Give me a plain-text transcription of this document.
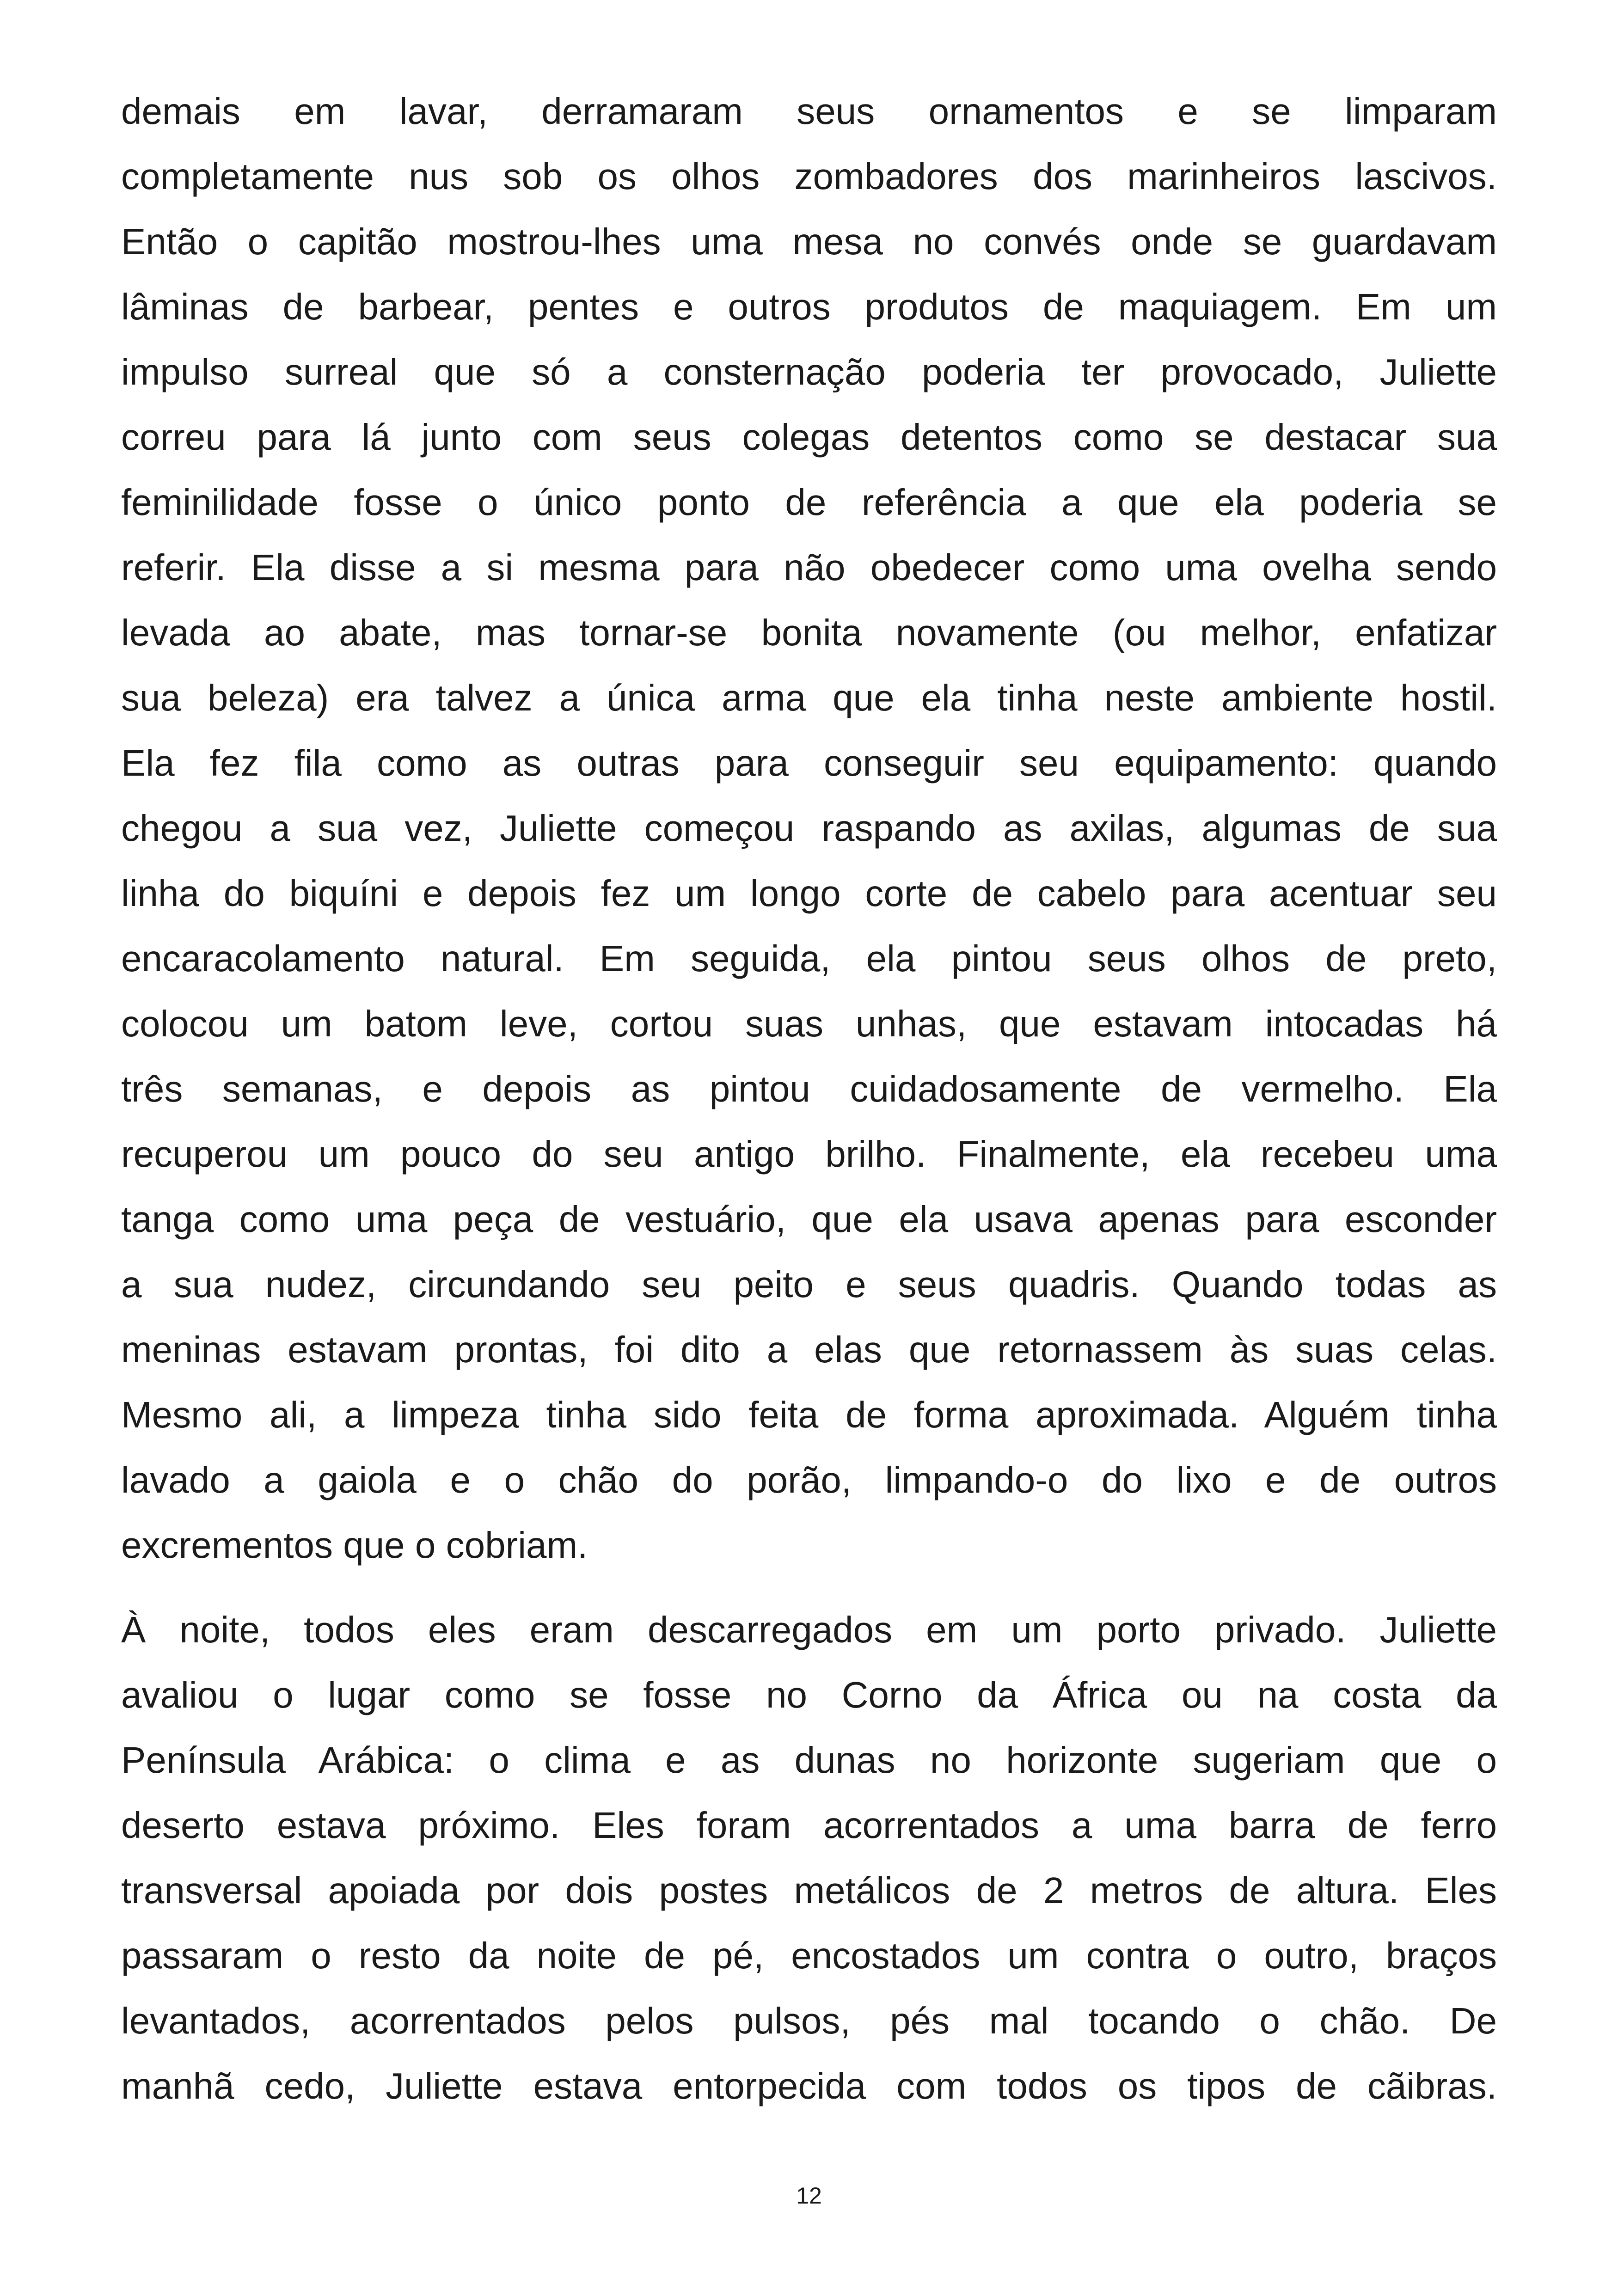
demais em lavar, derramaram seus ornamentos e se limparam
completamente nus sob os olhos zombadores dos marinheiros lascivos.
Então o capitão mostrou-lhes uma mesa no convés onde se guardavam
lâminas de barbear, pentes e outros produtos de maquiagem. Em um
impulso surreal que só a consternação poderia ter provocado, Juliette
correu para lá junto com seus colegas detentos como se destacar sua
feminilidade fosse o único ponto de referência a que ela poderia se
referir. Ela disse a si mesma para não obedecer como uma ovelha sendo
levada ao abate, mas tornar-se bonita novamente (ou melhor, enfatizar
sua beleza) era talvez a única arma que ela tinha neste ambiente hostil.
Ela fez fila como as outras para conseguir seu equipamento: quando
chegou a sua vez, Juliette começou raspando as axilas, algumas de sua
linha do biquíni e depois fez um longo corte de cabelo para acentuar seu
encaracolamento natural. Em seguida, ela pintou seus olhos de preto,
colocou um batom leve, cortou suas unhas, que estavam intocadas há
três semanas, e depois as pintou cuidadosamente de vermelho. Ela
recuperou um pouco do seu antigo brilho. Finalmente, ela recebeu uma
tanga como uma peça de vestuário, que ela usava apenas para esconder
a sua nudez, circundando seu peito e seus quadris. Quando todas as
meninas estavam prontas, foi dito a elas que retornassem às suas celas.
Mesmo ali, a limpeza tinha sido feita de forma aproximada. Alguém tinha
lavado a gaiola e o chão do porão, limpando-o do lixo e de outros
excrementos que o cobriam.
À noite, todos eles eram descarregados em um porto privado. Juliette
avaliou o lugar como se fosse no Corno da África ou na costa da
Península Arábica: o clima e as dunas no horizonte sugeriam que o
deserto estava próximo. Eles foram acorrentados a uma barra de ferro
transversal apoiada por dois postes metálicos de 2 metros de altura. Eles
passaram o resto da noite de pé, encostados um contra o outro, braços
levantados, acorrentados pelos pulsos, pés mal tocando o chão. De
manhã cedo, Juliette estava entorpecida com todos os tipos de cãibras.
12
